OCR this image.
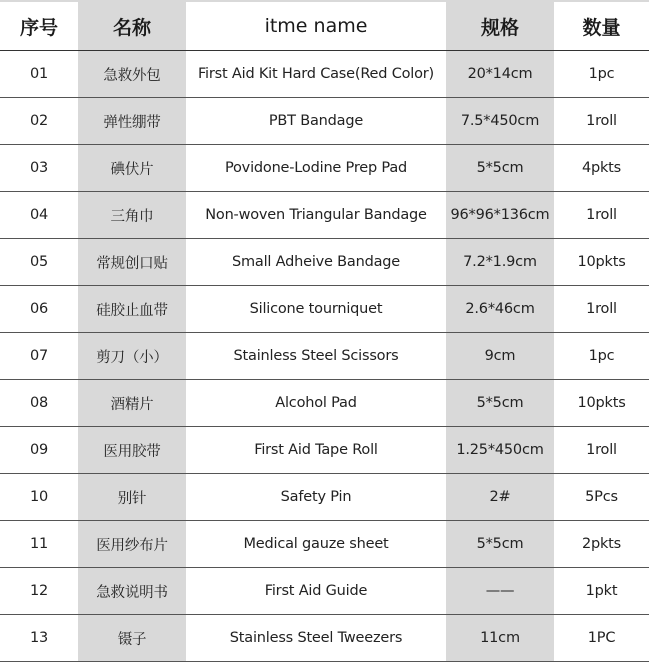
序号	名称	itme name	规格	数量
01	急救外包	First Aid Kit Hard Case(Red Color)	20*14cm	1pc
02	弹性绷带	PBT Bandage	7.5*450cm	1roll
03	碘伏片	Povidone-Lodine Prep Pad	5*5cm	4pkts
04	三角巾	Non-woven Triangular Bandage	96*96*136cm	1roll
05	常规创口贴	Small Adheive Bandage	7.2*1.9cm	10pkts
06	硅胶止血带	Silicone tourniquet	2.6*46cm	1roll
07	剪刀（小）	Stainless Steel Scissors	9cm	1pc
08	酒精片	Alcohol Pad	5*5cm	10pkts
09	医用胶带	First Aid Tape Roll	1.25*450cm	1roll
10	别针	Safety Pin	2#	5Pcs
11	医用纱布片	Medical gauze sheet	5*5cm	2pkts
12	急救说明书	First Aid Guide	——	1pkt
13	镊子	Stainless Steel Tweezers	11cm	1PC
